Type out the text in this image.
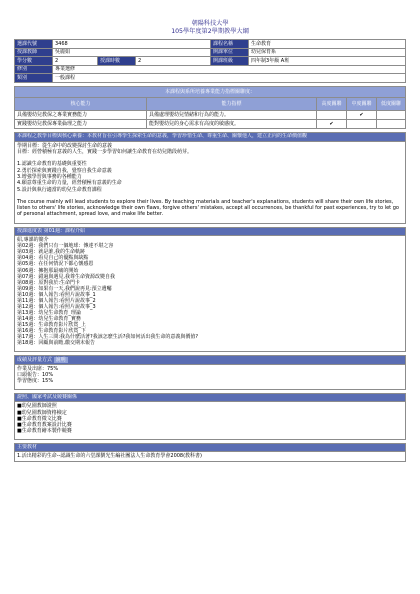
朝陽科技大學
105學年度第2學期教學大綱
選課代號	3468			課程名稱	生命教育
授課教師	吳麗娟			開課單位	幼兒保育系
學分數	2	授課時數	2	開課班級	四年制3年級 A班
修別	專業選修				
類別	一般課程				
本課程與系所培養專業能力指標關聯度：				
核心能力	能力指標	高度關聯	中度關聯	低度關聯
具備嬰幼兒教保之專業實務能力	具備處理嬰幼兒情緒和行為的能力。		✔	
實踐嬰幼兒教保專業倫理之能力	能對嬰幼兒的身心需求有高度的敏感度。	✔		
本課程之教學目標與核心素養：本教材旨在引導學生探索生命的意義，學習珍惜生命、尊重生命、關懷他人，建立正向的生命價值觀
學期目標：從生命中的改變探討生命的意義
目標：經營積極有意義的人生，實踐一步學習如何讓生命教育在幼兒階段萌芽。
1.認識生命教育的基礎與重要性
2.勇於探索與實踐自我，覺察自我生命意義
3.增強學習與事務的各種能力
4.願意尊重生命的力量，經營積極有意義的生命
5.設計與執行適當的幼兒生命教育課程
The course mainly will lead students to explore their lives. By teaching materials and teacher's explanations, students will share their own life stories, listen to others' life stories, acknowledge their own flaws, forgive others' mistakes, accept all occurrences, be thankful for past experiences, try to let go of personal attachment, spread love, and make life better.
授課進度表 第01週：課程介紹
紹,專課的簡介
第02週：我們只有一個地球：傳達不堪之容
第03週：就是誰,我的生命軌跡
第04週：看見自己的優點與缺點
第05週：在任何情況下都心懷感恩
第06週：擁抱那最痛的開始
第07週：錯過與遇見,我尊生命資源改變自我
第08週：原對我於:生命門卡
第09週：如果有一天,我們說再見:預立遺囑
第10週：個人報告:看照片說故事_1
第11週：個人報告:看照片說故事_2
第12週：個人報告:看照片說故事_3
第13週：幼兒生命教育_理論
第14週：幼兒生命教育_實務
第15週：生命教育影片欣賞_上
第16週：生命教育影片欣賞_下
第17週：人生三問:我為什麼活著?我該怎麼生活?我如何活出我生命的意義與價值?
第18週：回顧與前瞻,繳交期末報告
成績及評量方式 說明
作業及出席：75%
口頭報告：10%
學習態度：15%
證照、國家考試及競賽關係
■幼兒園教師證照
■幼兒園教師資格檢定
■生命教育徵文比賽
■生命教育教案設計比賽
■生命教育繪本製作競賽
主要教材
1.活出精彩的生命--認識生命的六堂課劉光生編社團法人生命教育學會2008(教科書)
